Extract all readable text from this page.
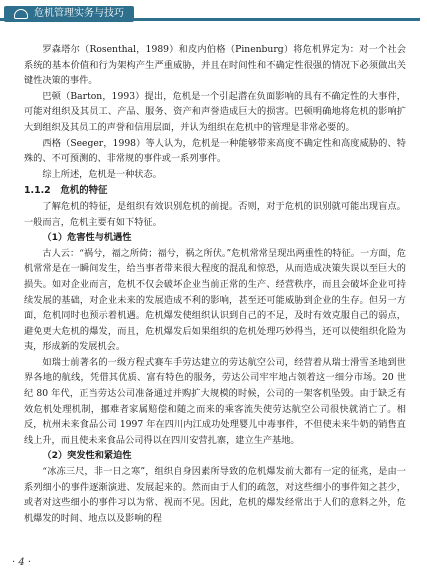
危机管理实务与技巧

罗森塔尔（Rosenthal，1989）和皮内伯格（Pinenburg）将危机界定为：对一个社会系统的基本价值和行为架构产生严重威胁，并且在时间性和不确定性很强的情况下必须做出关键性决策的事件。

巴顿（Barton，1993）提出，危机是一个引起潜在负面影响的具有不确定性的大事件，可能对组织及其员工、产品、服务、资产和声誉造成巨大的损害。巴顿明确地将危机的影响扩大到组织及其员工的声誉和信用层面，并认为组织在危机中的管理是非常必要的。

西格（Seeger，1998）等人认为，危机是一种能够带来高度不确定性和高度威胁的、特殊的、不可预测的、非常规的事件或一系列事件。

综上所述，危机是一种状态。

1.1.2 危机的特征

了解危机的特征，是组织有效识别危机的前提。否则，对于危机的识别就可能出现盲点。一般而言，危机主要有如下特征。

（1）危害性与机遇性

古人云：“祸兮，福之所倚；福兮，祸之所伏。”危机常常呈现出两重性的特征。一方面，危机常常是在一瞬间发生，给当事者带来很大程度的混乱和惊恐，从而造成决策失误以至巨大的损失。如对企业而言，危机不仅会破坏企业当前正常的生产、经营秩序，而且会破坏企业可持续发展的基础，对企业未来的发展造成不利的影响，甚至还可能威胁到企业的生存。但另一方面，危机同时也预示着机遇。危机爆发使组织认识到自己的不足，及时有效克服自己的弱点，避免更大危机的爆发，而且，危机爆发后如果组织的危机处理巧妙得当，还可以使组织化险为夷，形成新的发展机会。

如瑞士前著名的一级方程式赛车手劳达建立的劳达航空公司，经营着从瑞士滑雪圣地到世界各地的航线，凭借其优质、富有特色的服务，劳达公司牢牢地占领着这一细分市场。20 世纪 80 年代，正当劳达公司准备通过并购扩大规模的时候，公司的一架客机坠毁。由于缺乏有效危机处理机制，挪难者家属赔偿和随之而来的乘客流失使劳达航空公司很快就消亡了。相反，杭州未来食品公司 1997 年在四川内江成功处理婴儿中毒事件，不但使未来牛奶的销售直线上升，而且使未来食品公司得以在四川安营扎寨，建立生产基地。

（2）突发性和紧迫性

“冰冻三尺，非一日之寒”，组织自身因素所导致的危机爆发前大都有一定的征兆，是由一系列细小的事件逐渐演进、发展起来的。然而由于人们的疏忽，对这些细小的事件知之甚少，或者对这些细小的事件习以为常、视而不见。因此，危机的爆发经常出于人们的意料之外，危机爆发的时间、地点以及影响的程

· 4 ·
